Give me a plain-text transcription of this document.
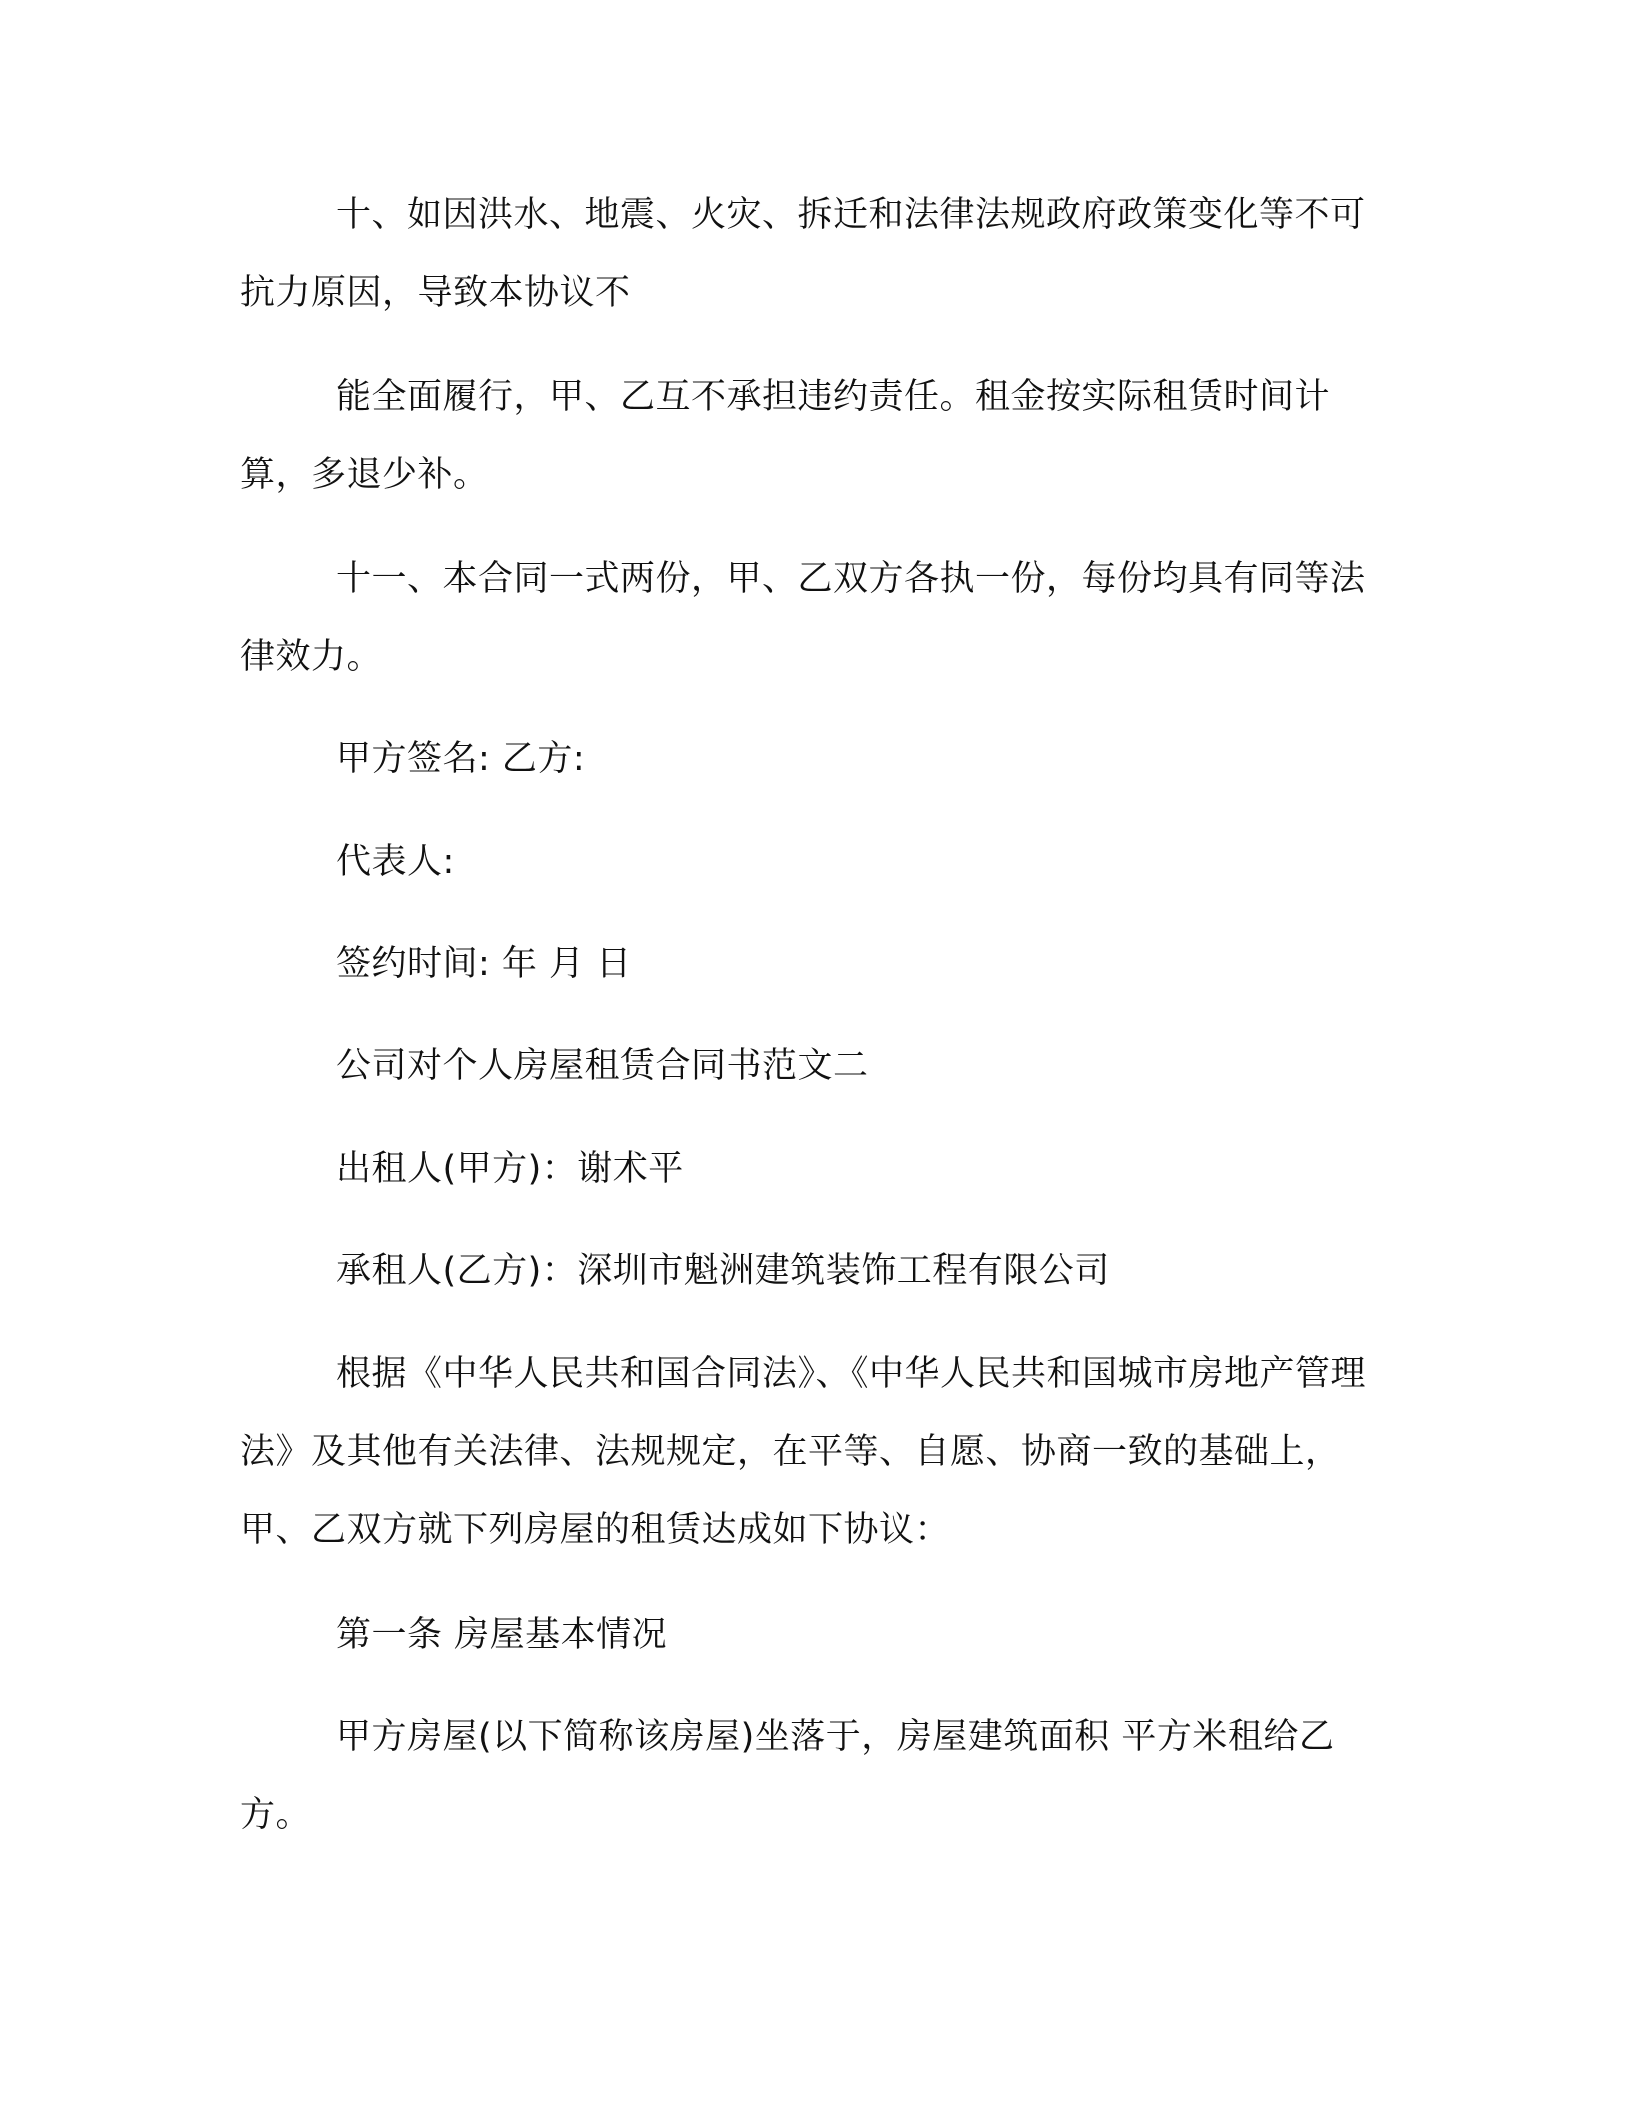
十、如因洪水、地震、火灾、拆迁和法律法规政府政策变化等不可抗力原因，导致本协议不

能全面履行，甲、乙互不承担违约责任。租金按实际租赁时间计算，多退少补。

十一、本合同一式两份，甲、乙双方各执一份，每份均具有同等法律效力。

甲方签名: 乙方:

代表人:

签约时间: 年 月 日

公司对个人房屋租赁合同书范文二

出租人(甲方)：谢术平

承租人(乙方)：深圳市魁洲建筑装饰工程有限公司

根据《中华人民共和国合同法》、《中华人民共和国城市房地产管理法》及其他有关法律、法规规定，在平等、自愿、协商一致的基础上，甲、乙双方就下列房屋的租赁达成如下协议：

第一条 房屋基本情况

甲方房屋(以下简称该房屋)坐落于，房屋建筑面积 平方米租给乙方。
